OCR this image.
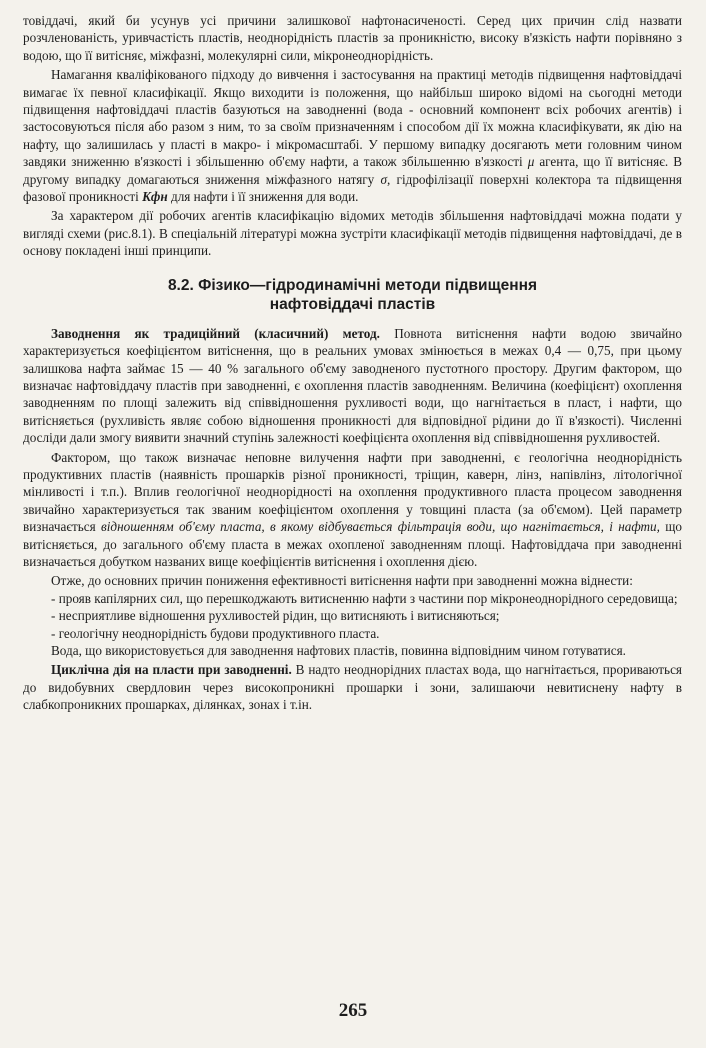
товіддачі, який би усунув усі причини залишкової нафтонасиченості. Серед цих причин слід назвати розчленованість, уривчастість пластів, неоднорідність пластів за проникністю, високу в'язкість нафти порівняно з водою, що її витісняє, міжфазні, молекулярні сили, мікронеоднорідність.

Намагання кваліфікованого підходу до вивчення і застосування на практиці методів підвищення нафтовіддачі вимагає їх певної класифікації. Якщо виходити із положення, що найбільш широко відомі на сьогодні методи підвищення нафтовіддачі пластів базуються на заводненні (вода - основний компонент всіх робочих агентів) і застосовуються після або разом з ним, то за своїм призначенням і способом дії їх можна класифікувати, як дію на нафту, що залишилась у пласті в макро- і мікромасштабі. У першому випадку досягають мети головним чином завдяки зниженню в'язкості і збільшенню об'єму нафти, а також збільшенню в'язкості μ агента, що її витісняє. В другому випадку домагаються зниження міжфазного натягу σ, гідрофілізації поверхні колектора та підвищення фазової проникності Kфн для нафти і її зниження для води.

За характером дії робочих агентів класифікацію відомих методів збільшення нафтовіддачі можна подати у вигляді схеми (рис.8.1). В спеціальній літературі можна зустріти класифікації методів підвищення нафтовіддачі, де в основу покладені інші принципи.

8.2. Фізико—гідродинамічні методи підвищення
нафтовіддачі пластів

Заводнення як традиційний (класичний) метод. Повнота витіснення нафти водою звичайно характеризується коефіцієнтом витіснення, що в реальних умовах змінюється в межах 0,4 — 0,75, при цьому залишкова нафта займає 15 — 40 % загального об'єму заводненого пустотного простору. Другим фактором, що визначає нафтовіддачу пластів при заводненні, є охоплення пластів заводненням. Величина (коефіцієнт) охоплення заводненням по площі залежить від співвідношення рухливості води, що нагнітається в пласт, і нафти, що витісняється (рухливість являє собою відношення проникності для відповідної рідини до її в'язкості). Численні досліди дали змогу виявити значний ступінь залежності коефіцієнта охоплення від співвідношення рухливостей.

Фактором, що також визначає неповне вилучення нафти при заводненні, є геологічна неоднорідність продуктивних пластів (наявність прошарків різної проникності, тріщин, каверн, лінз, напівлінз, літологічної мінливості і т.п.). Вплив геологічної неоднорідності на охоплення продуктивного пласта процесом заводнення звичайно характеризується так званим коефіцієнтом охоплення у товщині пласта (за об'ємом). Цей параметр визначається відношенням об'єму пласта, в якому відбувається фільтрація води, що нагнітається, і нафти, що витісняється, до загального об'єму пласта в межах охопленої заводненням площі. Нафтовіддача при заводненні визначається добутком названих вище коефіцієнтів витіснення і охоплення дією.

Отже, до основних причин пониження ефективності витіснення нафти при заводненні можна віднести:

- прояв капілярних сил, що перешкоджають витисненню нафти з частини пор мікронеоднорідного середовища;

- несприятливе відношення рухливостей рідин, що витисняють і витисняються;

- геологічну неоднорідність будови продуктивного пласта.

Вода, що використовується для заводнення нафтових пластів, повинна відповідним чином готуватися.

Циклічна дія на пласти при заводненні. В надто неоднорідних пластах вода, що нагнітається, прориваються до видобувних свердловин через високопроникні прошарки і зони, залишаючи невитиснену нафту в слабкопроникних прошарках, ділянках, зонах і т.ін.

265
